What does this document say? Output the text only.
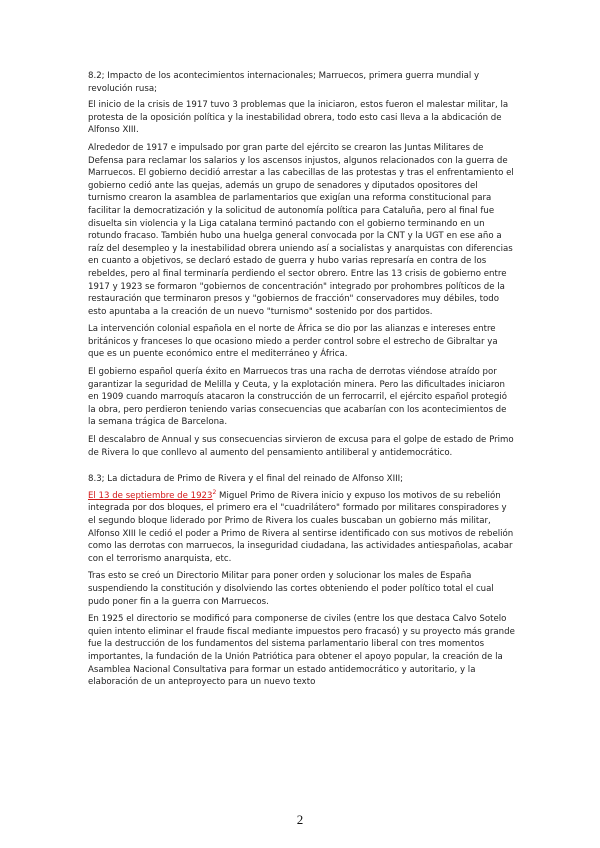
8.2; Impacto de los acontecimientos internacionales; Marruecos, primera guerra mundial y revolución rusa;

El inicio de la crisis de 1917 tuvo 3 problemas que la iniciaron, estos fueron el malestar militar, la protesta de la oposición política y la inestabilidad obrera, todo esto casi lleva a la abdicación de Alfonso XIII.

Alrededor de 1917 e impulsado por gran parte del ejército se crearon las Juntas Militares de Defensa para reclamar los salarios y los ascensos injustos, algunos relacionados con la guerra de Marruecos. El gobierno decidió arrestar a las cabecillas de las protestas y tras el enfrentamiento el gobierno cedió ante las quejas, además un grupo de senadores y diputados opositores del turnismo crearon la asamblea de parlamentarios que exigían una reforma constitucional para facilitar la democratización y la solicitud de autonomía política para Cataluña, pero al final fue disuelta sin violencia y la Liga catalana terminó pactando con el gobierno terminando en un rotundo fracaso. También hubo una huelga general convocada por la CNT y la UGT en ese año a raíz del desempleo y la inestabilidad obrera uniendo así a socialistas y anarquistas con diferencias en cuanto a objetivos, se declaró estado de guerra y hubo varias represaría en contra de los rebeldes, pero al final terminaría perdiendo el sector obrero. Entre las 13 crisis de gobierno entre 1917 y 1923 se formaron "gobiernos de concentración" integrado por prohombres políticos de la restauración que terminaron presos y "gobiernos de fracción" conservadores muy débiles, todo esto apuntaba a la creación de un nuevo "turnismo" sostenido por dos partidos.

La intervención colonial española en el norte de África se dio por las alianzas e intereses entre británicos y franceses lo que ocasiono miedo a perder control sobre el estrecho de Gibraltar ya que es un puente económico entre el mediterráneo y África.

El gobierno español quería éxito en Marruecos tras una racha de derrotas viéndose atraído por garantizar la seguridad de Melilla y Ceuta, y la explotación minera. Pero las dificultades iniciaron en 1909 cuando marroquís atacaron la construcción de un ferrocarril, el ejército español protegió la obra, pero perdieron teniendo varias consecuencias que acabarían con los acontecimientos de la semana trágica de Barcelona.

El descalabro de Annual y sus consecuencias sirvieron de excusa para el golpe de estado de Primo de Rivera lo que conllevo al aumento del pensamiento antiliberal y antidemocrático.

8.3; La dictadura de Primo de Rivera y el final del reinado de Alfonso XIII;

El 13 de septiembre de 1923$^2$ Miguel Primo de Rivera inicio y expuso los motivos de su rebelión integrada por dos bloques, el primero era el "cuadrilátero" formado por militares conspiradores y el segundo bloque liderado por Primo de Rivera los cuales buscaban un gobierno más militar, Alfonso XIII le cedió el poder a Primo de Rivera al sentirse identificado con sus motivos de rebelión como las derrotas con marruecos, la inseguridad ciudadana, las actividades antiespañolas, acabar con el terrorismo anarquista, etc.

Tras esto se creó un Directorio Militar para poner orden y solucionar los males de España suspendiendo la constitución y disolviendo las cortes obteniendo el poder político total el cual pudo poner fin a la guerra con Marruecos.

En 1925 el directorio se modificó para componerse de civiles (entre los que destaca Calvo Sotelo quien intento eliminar el fraude fiscal mediante impuestos pero fracasó) y su proyecto más grande fue la destrucción de los fundamentos del sistema parlamentario liberal con tres momentos importantes, la fundación de la Unión Patriótica para obtener el apoyo popular, la creación de la Asamblea Nacional Consultativa para formar un estado antidemocrático y autoritario, y la elaboración de un anteproyecto para un nuevo texto

2
